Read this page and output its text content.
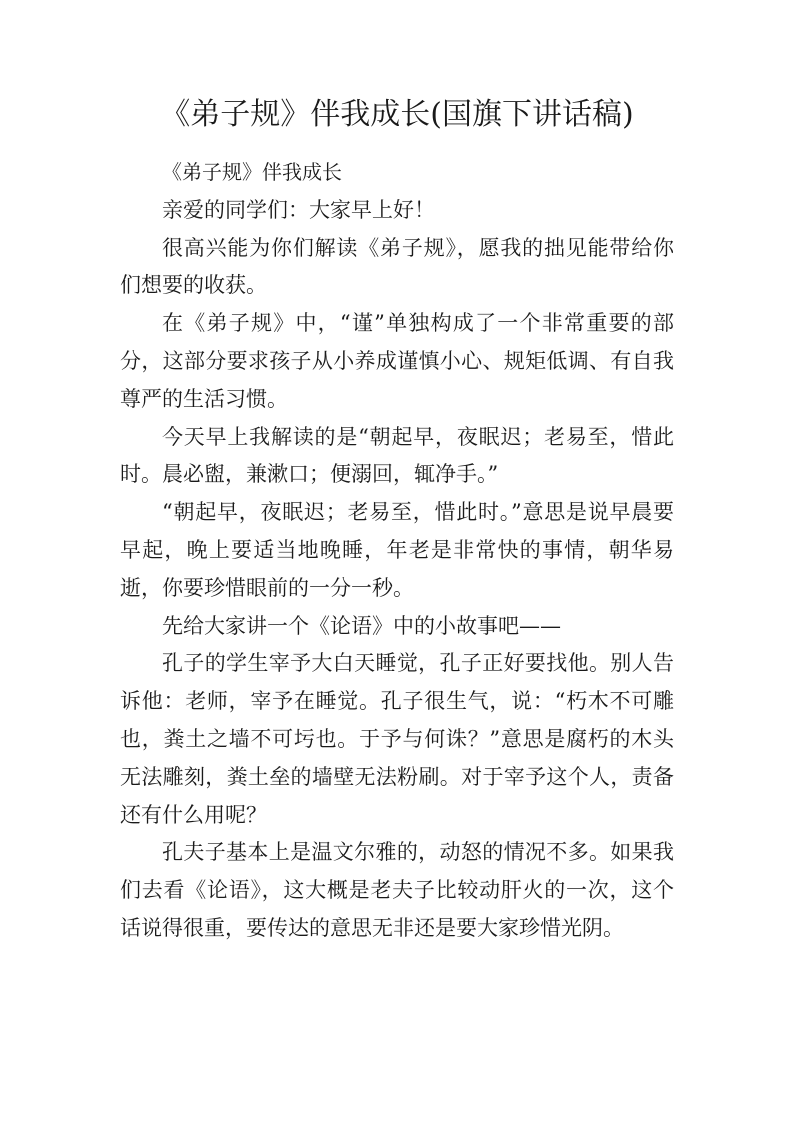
《弟子规》伴我成长(国旗下讲话稿)

《弟子规》伴我成长

亲爱的同学们：大家早上好！

很高兴能为你们解读《弟子规》，愿我的拙见能带给你们想要的收获。

在《弟子规》中，“谨”单独构成了一个非常重要的部分，这部分要求孩子从小养成谨慎小心、规矩低调、有自我尊严的生活习惯。

今天早上我解读的是“朝起早，夜眠迟；老易至，惜此时。晨必盥，兼漱口；便溺回，辄净手。”

“朝起早，夜眠迟；老易至，惜此时。”意思是说早晨要早起，晚上要适当地晚睡，年老是非常快的事情，朝华易逝，你要珍惜眼前的一分一秒。

先给大家讲一个《论语》中的小故事吧——

孔子的学生宰予大白天睡觉，孔子正好要找他。别人告诉他：老师，宰予在睡觉。孔子很生气，说：“朽木不可雕也，粪土之墙不可圬也。于予与何诛？”意思是腐朽的木头无法雕刻，粪土垒的墙壁无法粉刷。对于宰予这个人，责备还有什么用呢？

孔夫子基本上是温文尔雅的，动怒的情况不多。如果我们去看《论语》，这大概是老夫子比较动肝火的一次，这个话说得很重，要传达的意思无非还是要大家珍惜光阴。
